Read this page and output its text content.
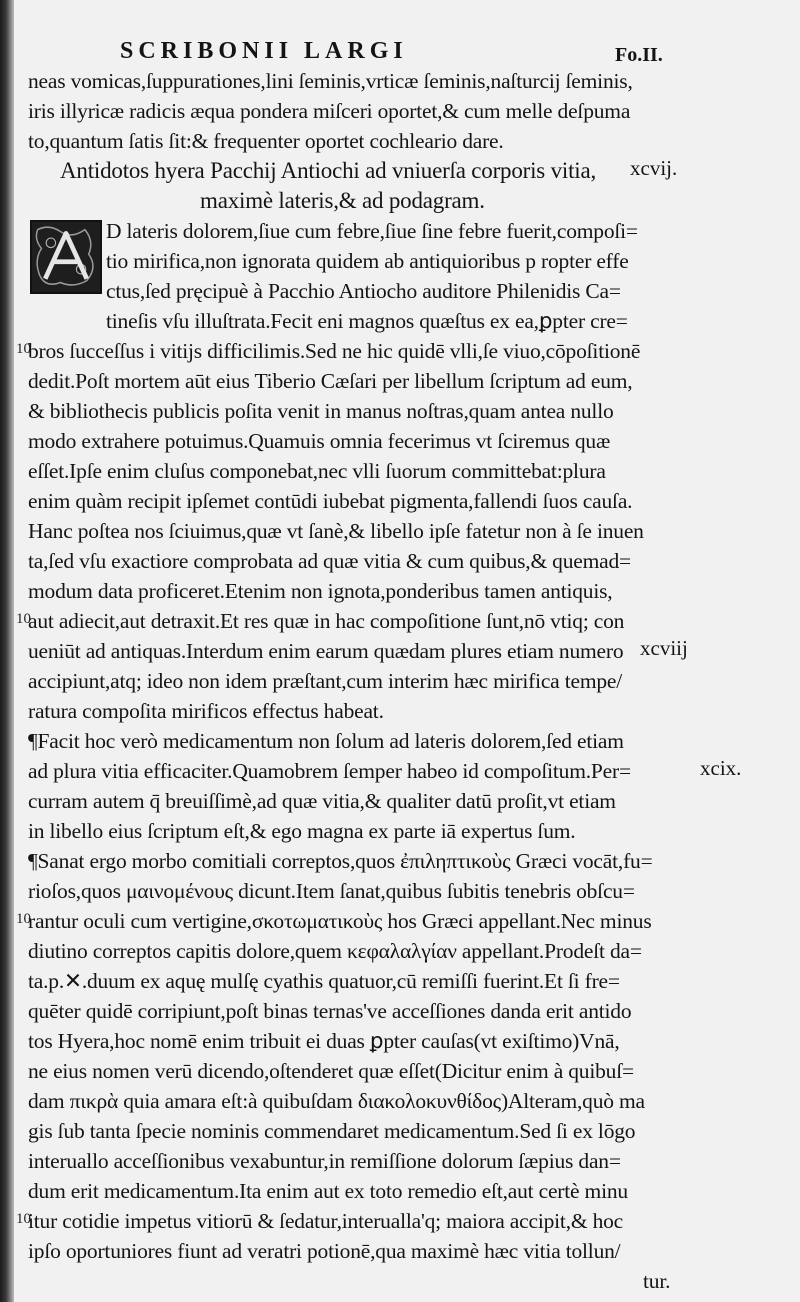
SCRIBONII LARGI	Fo.II.
A
neas vomicas,ſuppurationes,lini ſeminis,vrticæ ſeminis,naſturcij ſeminis,
iris illyricæ radicis æqua pondera miſceri oportet,& cum melle deſpuma
to,quantum ſatis ſit:& frequenter oportet cochleario dare.
Antidotos hyera Pacchij Antiochi ad vniuerſa corporis vitia,
maximè lateris,& ad podagram.
D lateris dolorem,ſiue cum febre,ſiue ſine febre fuerit,compoſi=
tio mirifica,non ignorata quidem ab antiquioribus p ropter effe
ctus,ſed pręcipuè à Pacchio Antiocho auditore Philenidis Ca=
tineſis vſu illuſtrata.Fecit eni magnos quæſtus ex ea,ꝑpter cre=
bros ſucceſſus i vitijs difficilimis.Sed ne hic quidē vlli,ſe viuo,cōpoſitionē
dedit.Poſt mortem aūt eius Tiberio Cæſari per libellum ſcriptum ad eum,
& bibliothecis publicis poſita venit in manus noſtras,quam antea nullo
modo extrahere potuimus.Quamuis omnia fecerimus vt ſciremus quæ
eſſet.Ipſe enim cluſus componebat,nec vlli ſuorum committebat:plura
enim quàm recipit ipſemet contūdi iubebat pigmenta,fallendi ſuos cauſa.
Hanc poſtea nos ſciuimus,quæ vt ſanè,& libello ipſe fatetur non à ſe inuen
ta,ſed vſu exactiore comprobata ad quæ vitia & cum quibus,& quemad=
modum data proficeret.Etenim non ignota,ponderibus tamen antiquis,
aut adiecit,aut detraxit.Et res quæ in hac compoſitione ſunt,nō vtiq; con
ueniūt ad antiquas.Interdum enim earum quædam plures etiam numero
accipiunt,atq; ideo non idem præſtant,cum interim hæc mirifica tempe/
ratura compoſita mirificos effectus habeat.
¶Facit hoc verò medicamentum non ſolum ad lateris dolorem,ſed etiam
ad plura vitia efficaciter.Quamobrem ſemper habeo id compoſitum.Per=
curram autem q̄ breuiſſimè,ad quæ vitia,& qualiter datū proſit,vt etiam
in libello eius ſcriptum eſt,& ego magna ex parte iā expertus ſum.
¶Sanat ergo morbo comitiali correptos,quos ἐπιληπτικοὺς Græci vocāt,fu=
rioſos,quos μαινομένους dicunt.Item ſanat,quibus ſubitis tenebris obſcu=
rantur oculi cum vertigine,σκοτωματικοὺς hos Græci appellant.Nec minus
diutino correptos capitis dolore,quem κεφαλαλγίαν appellant.Prodeſt da=
ta.p.✕.duum ex aquę mulſę cyathis quatuor,cū remiſſi fuerint.Et ſi fre=
quēter quidē corripiunt,poſt binas ternas've acceſſiones danda erit antido
tos Hyera,hoc nomē enim tribuit ei duas ꝑpter cauſas(vt exiſtimo)Vnā,
ne eius nomen verū dicendo,oſtenderet quæ eſſet(Dicitur enim à quibuſ=
dam πικρὰ quia amara eſt:à quibuſdam διακολοκυνθίδος)Alteram,quò ma
gis ſub tanta ſpecie nominis commendaret medicamentum.Sed ſi ex lōgo
interuallo acceſſionibus vexabuntur,in remiſſione dolorum ſæpius dan=
dum erit medicamentum.Ita enim aut ex toto remedio eſt,aut certè minu
itur cotidie impetus vitiorū & ſedatur,interualla'q; maiora accipit,& hoc
ipſo oportuniores fiunt ad veratri potionē,qua maximè hæc vitia tollun/
tur.
xcvij.
xcviij
xcix.
10
10
10
10
